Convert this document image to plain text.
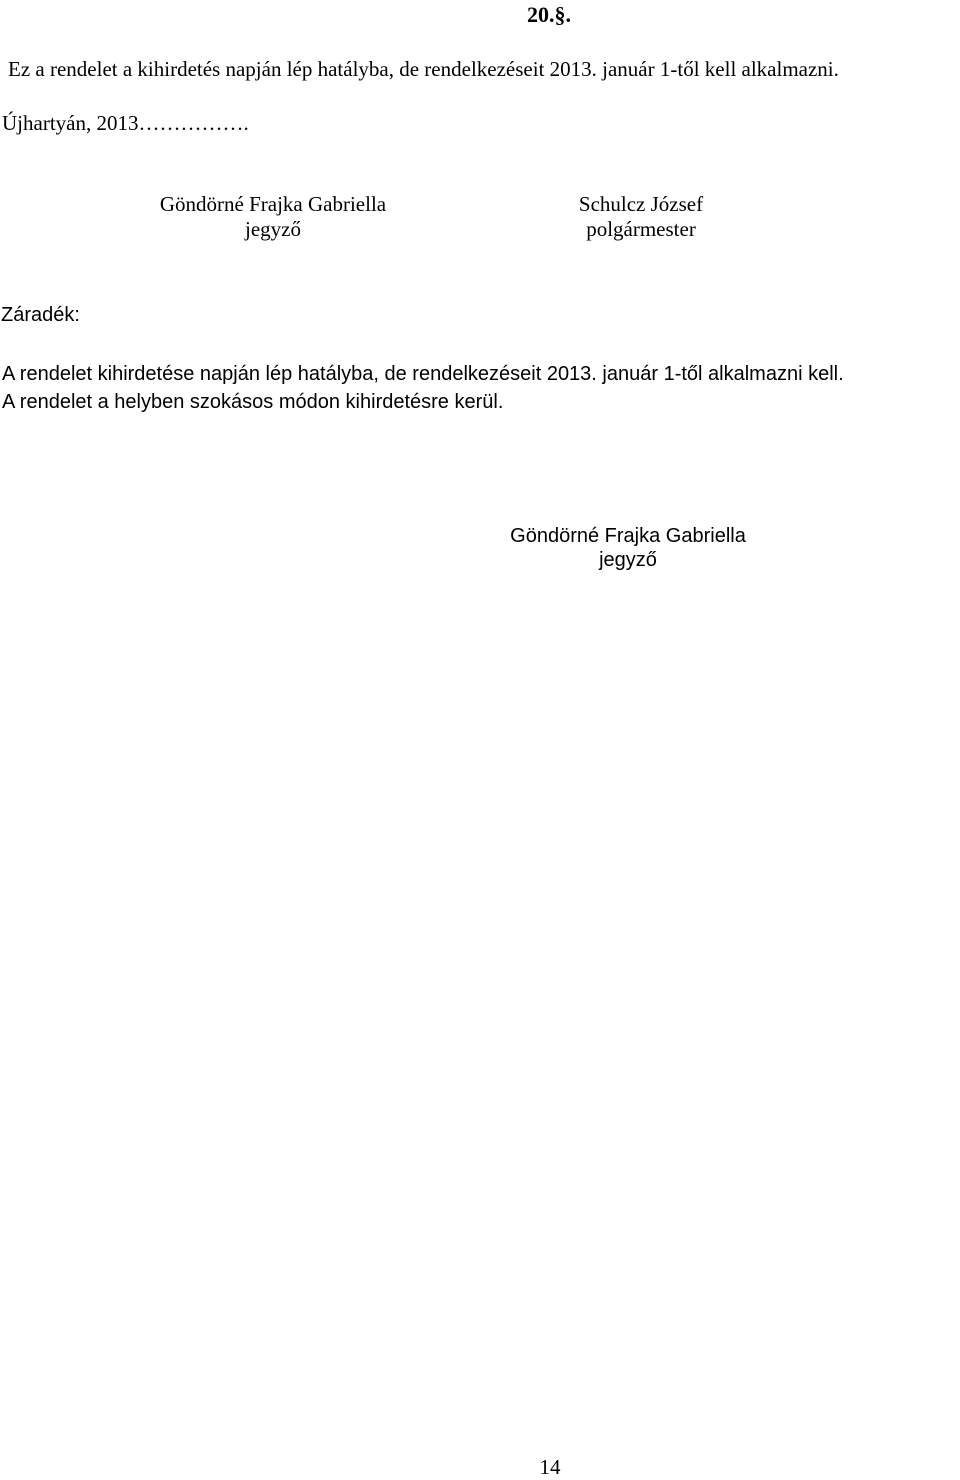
20.§.
Ez a rendelet a kihirdetés napján lép hatályba, de rendelkezéseit 2013. január 1-től kell alkalmazni.
Újhartyán, 2013…………….
Göndörné Frajka Gabriella
jegyző
Schulcz József
polgármester
Záradék:
A rendelet kihirdetése napján lép hatályba, de rendelkezéseit 2013. január 1-től alkalmazni kell.
A rendelet a helyben szokásos módon kihirdetésre kerül.
Göndörné Frajka Gabriella
jegyző
14
